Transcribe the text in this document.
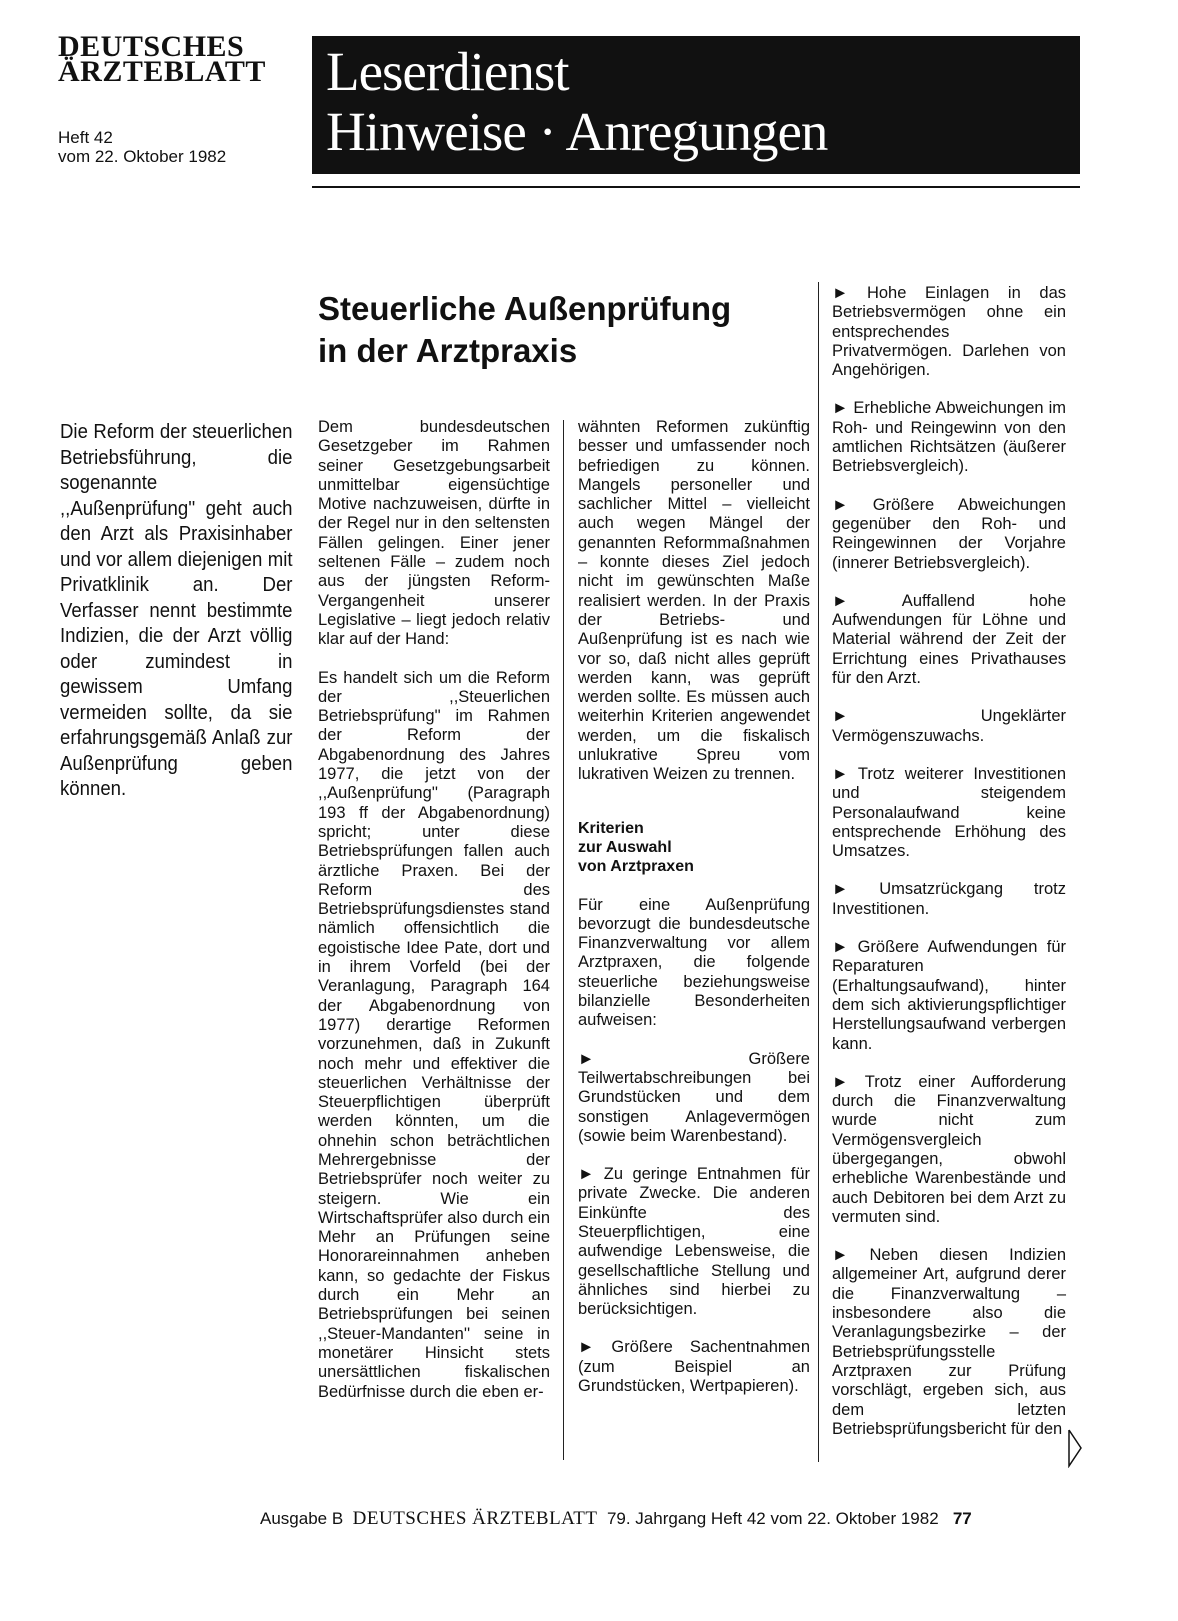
DEUTSCHES
ÄRZTEBLATT
Heft 42
vom 22. Oktober 1982
Leserdienst
Hinweise · Anregungen
Steuerliche Außenprüfung
in der Arztpraxis

Die Reform der steuerlichen Betriebsführung, die sogenannte ,,Außenprüfung'' geht auch den Arzt als Praxisinhaber und vor allem diejenigen mit Privatklinik an. Der Verfasser nennt bestimmte Indizien, die der Arzt völlig oder zumindest in gewissem Umfang vermeiden sollte, da sie erfahrungsgemäß Anlaß zur Außenprüfung geben können.

Dem bundesdeutschen Gesetzgeber im Rahmen seiner Gesetzgebungsarbeit unmittelbar eigensüchtige Motive nachzuweisen, dürfte in der Regel nur in den seltensten Fällen gelingen. Einer jener seltenen Fälle – zudem noch aus der jüngsten Reform-Vergangenheit unserer Legislative – liegt jedoch relativ klar auf der Hand:

Es handelt sich um die Reform der ,,Steuerlichen Betriebsprüfung'' im Rahmen der Reform der Abgabenordnung des Jahres 1977, die jetzt von der ,,Außenprüfung'' (Paragraph 193 ff der Abgabenordnung) spricht; unter diese Betriebsprüfungen fallen auch ärztliche Praxen. Bei der Reform des Betriebsprüfungsdienstes stand nämlich offensichtlich die egoistische Idee Pate, dort und in ihrem Vorfeld (bei der Veranlagung, Paragraph 164 der Abgabenordnung von 1977) derartige Reformen vorzunehmen, daß in Zukunft noch mehr und effektiver die steuerlichen Verhältnisse der Steuerpflichtigen überprüft werden könnten, um die ohnehin schon beträchtlichen Mehrergebnisse der Betriebsprüfer noch weiter zu steigern. Wie ein Wirtschaftsprüfer also durch ein Mehr an Prüfungen seine Honorareinnahmen anheben kann, so gedachte der Fiskus durch ein Mehr an Betriebsprüfungen bei seinen ,,Steuer-Mandanten'' seine in monetärer Hinsicht stets unersättlichen fiskalischen Bedürfnisse durch die eben er-

wähnten Reformen zukünftig besser und umfassender noch befriedigen zu können. Mangels personeller und sachlicher Mittel – vielleicht auch wegen Mängel der genannten Reformmaßnahmen – konnte dieses Ziel jedoch nicht im gewünschten Maße realisiert werden. In der Praxis der Betriebs- und Außenprüfung ist es nach wie vor so, daß nicht alles geprüft werden kann, was geprüft werden sollte. Es müssen auch weiterhin Kriterien angewendet werden, um die fiskalisch unlukrative Spreu vom lukrativen Weizen zu trennen.

Kriterien
zur Auswahl
von Arztpraxen

Für eine Außenprüfung bevorzugt die bundesdeutsche Finanzverwaltung vor allem Arztpraxen, die folgende steuerliche beziehungsweise bilanzielle Besonderheiten aufweisen:

► Größere Teilwertabschreibungen bei Grundstücken und dem sonstigen Anlagevermögen (sowie beim Warenbestand).

► Zu geringe Entnahmen für private Zwecke. Die anderen Einkünfte des Steuerpflichtigen, eine aufwendige Lebensweise, die gesellschaftliche Stellung und ähnliches sind hierbei zu berücksichtigen.

► Größere Sachentnahmen (zum Beispiel an Grundstücken, Wertpapieren).

► Hohe Einlagen in das Betriebsvermögen ohne ein entsprechendes Privatvermögen. Darlehen von Angehörigen.

► Erhebliche Abweichungen im Roh- und Reingewinn von den amtlichen Richtsätzen (äußerer Betriebsvergleich).

► Größere Abweichungen gegenüber den Roh- und Reingewinnen der Vorjahre (innerer Betriebsvergleich).

► Auffallend hohe Aufwendungen für Löhne und Material während der Zeit der Errichtung eines Privathauses für den Arzt.

► Ungeklärter Vermögenszuwachs.

► Trotz weiterer Investitionen und steigendem Personalaufwand keine entsprechende Erhöhung des Umsatzes.

► Umsatzrückgang trotz Investitionen.

► Größere Aufwendungen für Reparaturen (Erhaltungsaufwand), hinter dem sich aktivierungspflichtiger Herstellungsaufwand verbergen kann.

► Trotz einer Aufforderung durch die Finanzverwaltung wurde nicht zum Vermögensvergleich übergegangen, obwohl erhebliche Warenbestände und auch Debitoren bei dem Arzt zu vermuten sind.

► Neben diesen Indizien allgemeiner Art, aufgrund derer die Finanzverwaltung – insbesondere also die Veranlagungsbezirke – der Betriebsprüfungsstelle Arztpraxen zur Prüfung vorschlägt, ergeben sich, aus dem letzten Betriebsprüfungsbericht für den

Ausgabe B DEUTSCHES ÄRZTEBLATT 79. Jahrgang Heft 42 vom 22. Oktober 1982 77
